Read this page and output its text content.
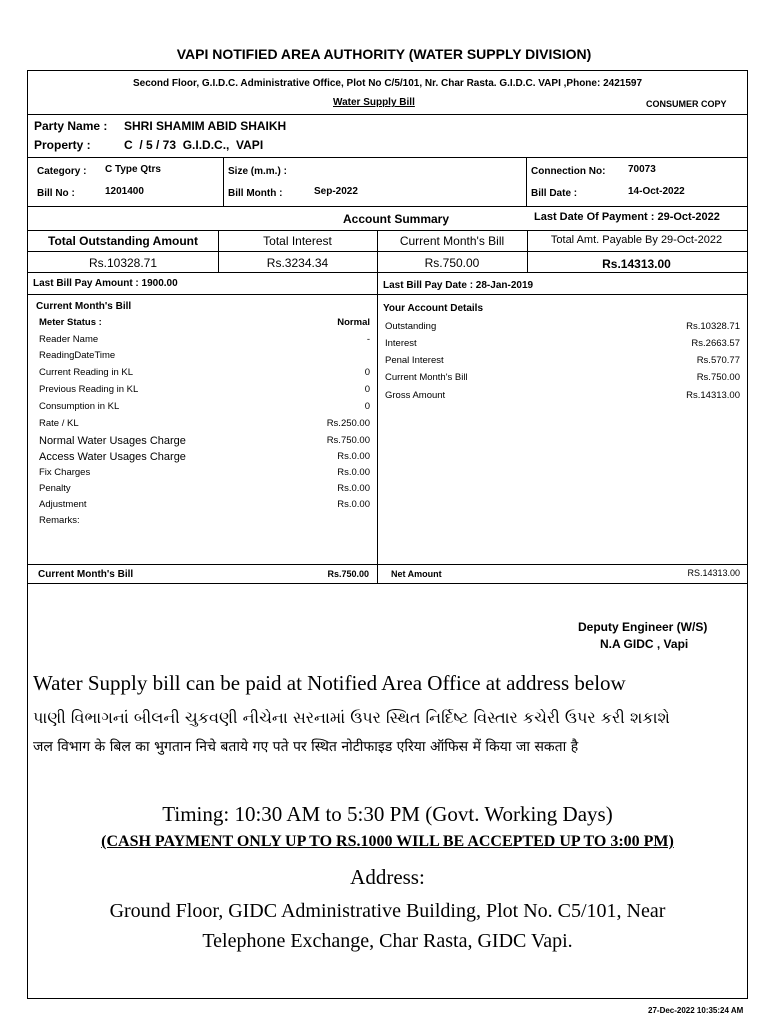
VAPI NOTIFIED AREA AUTHORITY (WATER SUPPLY DIVISION)
Second Floor, G.I.D.C. Administrative Office, Plot No C/5/101, Nr. Char Rasta. G.I.D.C. VAPI ,Phone: 2421597
Water Supply Bill	CONSUMER COPY
Party Name : SHRI SHAMIM ABID SHAIKH
Property :	C  / 5 / 73  G.I.D.C.,  VAPI
Category : C Type Qtrs	Size (m.m.) :	Connection No: 70073
Bill No :	1201400	Bill Month :	Sep-2022	Bill Date :	14-Oct-2022
Account Summary	Last Date Of Payment : 29-Oct-2022
Total Outstanding Amount	Total Interest	Current Month's Bill	Total Amt. Payable By 29-Oct-2022
Rs.10328.71	Rs.3234.34	Rs.750.00	Rs.14313.00
Last Bill Pay Amount : 1900.00	Last Bill Pay Date : 28-Jan-2019
Current Month's Bill
Meter Status :	Normal
Reader Name	-
ReadingDateTime
Current Reading in KL	0
Previous Reading in KL	0
Consumption in KL	0
Rate / KL	Rs.250.00
Normal Water Usages Charge	Rs.750.00
Access Water Usages Charge	Rs.0.00
Fix Charges	Rs.0.00
Penalty	Rs.0.00
Adjustment	Rs.0.00
Remarks:
Your Account Details
Outstanding	Rs.10328.71
Interest	Rs.2663.57
Penal Interest	Rs.570.77
Current Month's Bill	Rs.750.00
Gross Amount	Rs.14313.00
Current Month's Bill	Rs.750.00 Net Amount	RS.14313.00
Deputy Engineer (W/S)
N.A GIDC , Vapi
Water Supply bill can be paid at Notified Area Office at address below
પાણી વિભાગનાં બીલની ચુકવણી નીચેના સરનામાં ઉપર સ્થિત નિર્દિષ્ટ વિસ્તાર કચેરી ઉપર કરી શકાશે
जल विभाग के बिल का भुगतान निचे बताये गए पते पर स्थित नोटीफाइड एरिया ऑफिस में किया जा सकता है
Timing: 10:30 AM to 5:30 PM (Govt. Working Days)
(CASH PAYMENT ONLY UP TO RS.1000 WILL BE ACCEPTED UP TO 3:00 PM)
Address:
Ground Floor, GIDC Administrative Building, Plot No. C5/101, Near
Telephone Exchange, Char Rasta, GIDC Vapi.
27-Dec-2022 10:35:24 AM
